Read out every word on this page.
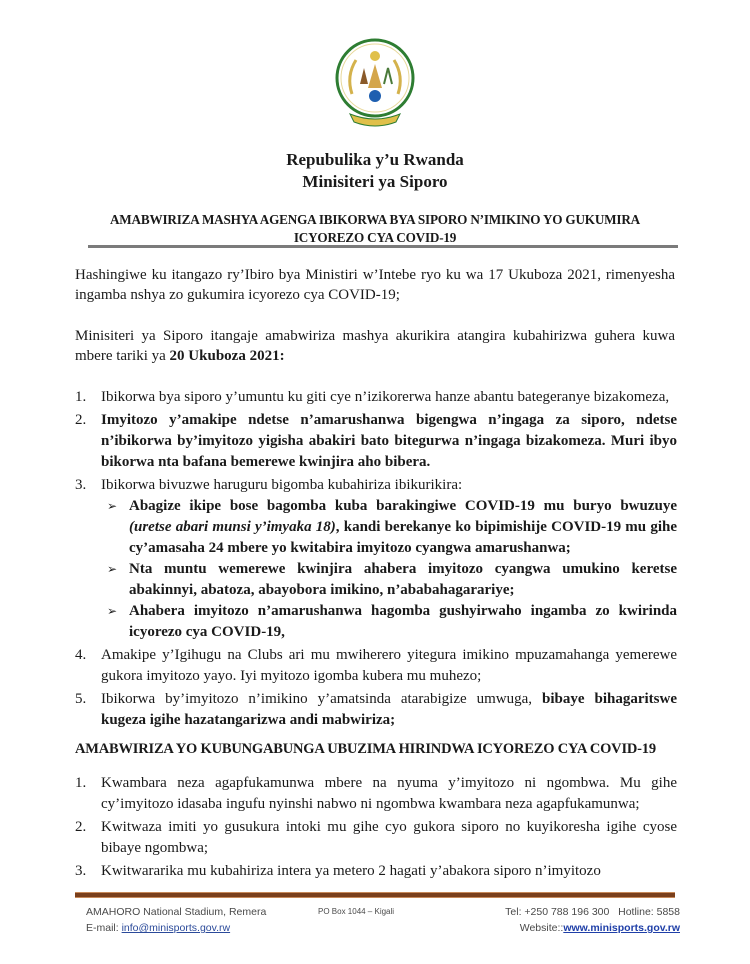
Repubulika y’u Rwanda
Minisiteri ya Siporo
AMABWIRIZA MASHYA AGENGA IBIKORWA BYA SIPORO N’IMIKINO YO GUKUMIRA
ICYOREZO CYA COVID-19
Hashingiwe ku itangazo ry’Ibiro bya Ministiri w’Intebe ryo ku wa 17 Ukuboza 2021, rimenyesha ingamba nshya zo gukumira icyorezo cya COVID-19;
Minisiteri ya Siporo itangaje amabwiriza mashya akurikira atangira kubahirizwa guhera kuwa mbere tariki ya 20 Ukuboza 2021:
1. Ibikorwa bya siporo y’umuntu ku giti cye n’izikorerwa hanze abantu bategeranye bizakomeza,
2. Imyitozo y’amakipe ndetse n’amarushanwa bigengwa n’ingaga za siporo, ndetse n’ibikorwa by’imyitozo yigisha abakiri bato bitegurwa n’ingaga bizakomeza. Muri ibyo bikorwa nta bafana bemerewe kwinjira aho bibera.
3. Ibikorwa bivuzwe haruguru bigomba kubahiriza ibikurikira:
➢ Abagize ikipe bose bagomba kuba barakingiwe COVID-19 mu buryo bwuzuye (uretse abari munsi y’imyaka 18), kandi berekanye ko bipimishije COVID-19 mu gihe cy’amasaha 24 mbere yo kwitabira imyitozo cyangwa amarushanwa;
➢ Nta muntu wemerewe kwinjira ahabera imyitozo cyangwa umukino keretse abakinnyi, abatoza, abayobora imikino, n’ababahagarariye;
➢ Ahabera imyitozo n’amarushanwa hagomba gushyirwaho ingamba zo kwirinda icyorezo cya COVID-19,
4. Amakipe y’Igihugu na Clubs ari mu mwiherero yitegura imikino mpuzamahanga yemerewe gukora imyitozo yayo. Iyi myitozo igomba kubera mu muhezo;
5. Ibikorwa by’imyitozo n’imikino y’amatsinda atarabigize umwuga, bibaye bihagaritswe kugeza igihe hazatangarizwa andi mabwiriza;
AMABWIRIZA YO KUBUNGABUNGA UBUZIMA HIRINDWA ICYOREZO CYA COVID-19
1. Kwambara neza agapfukamunwa mbere na nyuma y’imyitozo ni ngombwa. Mu gihe cy’imyitozo idasaba ingufu nyinshi nabwo ni ngombwa kwambara neza agapfukamunwa;
2. Kwitwaza imiti yo gusukura intoki mu gihe cyo gukora siporo no kuyikoresha igihe cyose bibaye ngombwa;
3. Kwitwararika mu kubahiriza intera ya metero 2 hagati y’abakora siporo n’imyitozo
AMAHORO National Stadium, Remera
E-mail: info@minisports.gov.rw
PO Box 1044 – Kigali	Tel: +250 788 196 300   Hotline: 5858
Website::www.minisports.gov.rw
